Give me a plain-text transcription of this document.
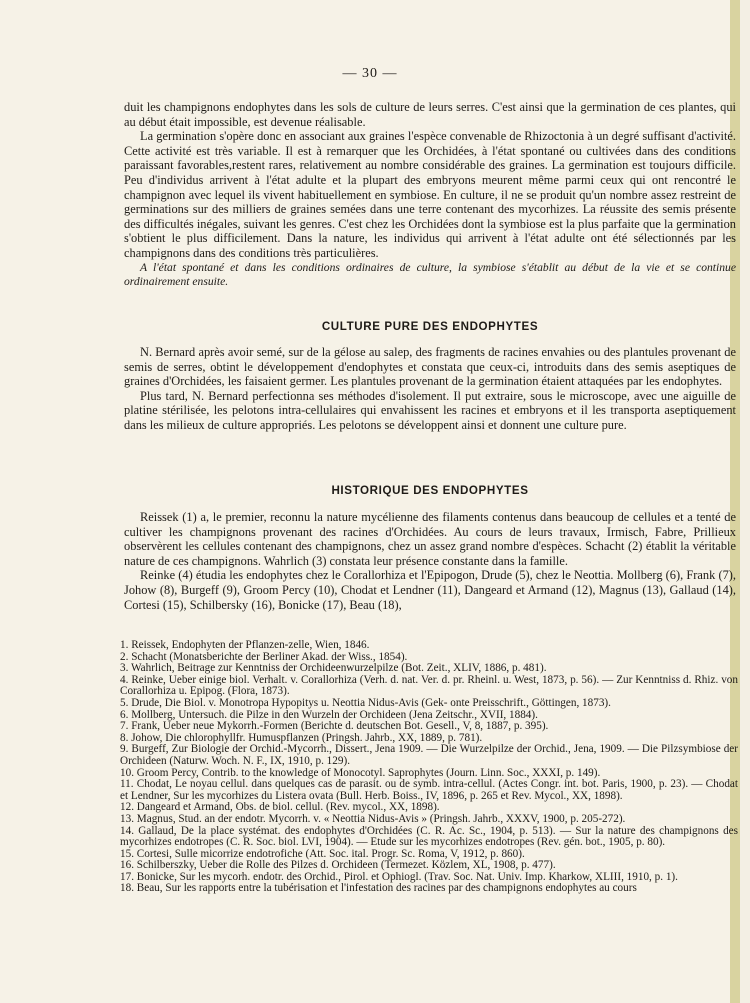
— 30 —

duit les champignons endophytes dans les sols de culture de leurs serres. C'est ainsi que la germination de ces plantes, qui au début était impossible, est devenue réalisable.

La germination s'opère donc en associant aux graines l'espèce convenable de Rhizoctonia à un degré suffisant d'activité. Cette activité est très variable. Il est à remarquer que les Orchidées, à l'état spontané ou cultivées dans des conditions paraissant favorables,restent rares, relativement au nombre considérable des graines. La germination est toujours difficile. Peu d'individus arrivent à l'état adulte et la plupart des embryons meurent même parmi ceux qui ont rencontré le champignon avec lequel ils vivent habituellement en symbiose. En culture, il ne se produit qu'un nombre assez restreint de germinations sur des milliers de graines semées dans une terre contenant des mycorhizes. La réussite des semis présente des difficultés inégales, suivant les genres. C'est chez les Orchidées dont la symbiose est la plus parfaite que la germination s'obtient le plus difficilement. Dans la nature, les individus qui arrivent à l'état adulte ont été sélectionnés par les champignons dans des conditions très particulières.

A l'état spontané et dans les conditions ordinaires de culture, la symbiose s'établit au début de la vie et se continue ordinairement ensuite.

CULTURE PURE DES ENDOPHYTES

N. Bernard après avoir semé, sur de la gélose au salep, des fragments de racines envahies ou des plantules provenant de semis de serres, obtint le développement d'endophytes et constata que ceux-ci, introduits dans des semis aseptiques de graines d'Orchidées, les faisaient germer. Les plantules provenant de la germination étaient attaquées par les endophytes.

Plus tard, N. Bernard perfectionna ses méthodes d'isolement. Il put extraire, sous le microscope, avec une aiguille de platine stérilisée, les pelotons intra-cellulaires qui envahissent les racines et embryons et il les transporta aseptiquement dans les milieux de culture appropriés. Les pelotons se développent ainsi et donnent une culture pure.

HISTORIQUE DES ENDOPHYTES

Reissek (1) a, le premier, reconnu la nature mycélienne des filaments contenus dans beaucoup de cellules et a tenté de cultiver les champignons provenant des racines d'Orchidées. Au cours de leurs travaux, Irmisch, Fabre, Prillieux observèrent les cellules contenant des champignons, chez un assez grand nombre d'espèces. Schacht (2) établit la véritable nature de ces champignons. Wahrlich (3) constata leur présence constante dans la famille.

Reinke (4) étudia les endophytes chez le Corallorhiza et l'Epipogon, Drude (5), chez le Neottia. Mollberg (6), Frank (7), Johow (8), Burgeff (9), Groom Percy (10), Chodat et Lendner (11), Dangeard et Armand (12), Magnus (13), Gallaud (14), Cortesi (15), Schilbersky (16), Bonicke (17), Beau (18),

1. Reissek, Endophyten der Pflanzen-zelle, Wien, 1846.
2. Schacht (Monatsberichte der Berliner Akad. der Wiss., 1854).
3. Wahrlich, Beitrage zur Kenntniss der Orchideenwurzelpilze (Bot. Zeit., XLIV, 1886, p. 481).
4. Reinke, Ueber einige biol. Verhalt. v. Corallorhiza (Verh. d. nat. Ver. d. pr. Rheinl. u. West, 1873, p. 56). — Zur Kenntniss d. Rhiz. von Corallorhiza u. Epipog. (Flora, 1873).
5. Drude, Die Biol. v. Monotropa Hypopitys u. Neottia Nidus-Avis (Gek- onte Preisschrift., Göttingen, 1873).
6. Mollberg, Untersuch. die Pilze in den Wurzeln der Orchideen (Jena Zeitschr., XVII, 1884).
7. Frank, Ueber neue Mykorrh.-Formen (Berichte d. deutschen Bot. Gesell., V, 8, 1887, p. 395).
8. Johow, Die chlorophyllfr. Humuspflanzen (Pringsh. Jahrb., XX, 1889, p. 781).
9. Burgeff, Zur Biologie der Orchid.-Mycorrh., Dissert., Jena 1909. — Die Wurzelpilze der Orchid., Jena, 1909. — Die Pilzsymbiose der Orchideen (Naturw. Woch. N. F., IX, 1910, p. 129).
10. Groom Percy, Contrib. to the knowledge of Monocotyl. Saprophytes (Journ. Linn. Soc., XXXI, p. 149).
11. Chodat, Le noyau cellul. dans quelques cas de parasit. ou de symb. intra-cellul. (Actes Congr. int. bot. Paris, 1900, p. 23). — Chodat et Lendner, Sur les mycorhizes du Listera ovata (Bull. Herb. Boiss., IV, 1896, p. 265 et Rev. Mycol., XX, 1898).
12. Dangeard et Armand, Obs. de biol. cellul. (Rev. mycol., XX, 1898).
13. Magnus, Stud. an der endotr. Mycorrh. v. « Neottia Nidus-Avis » (Pringsh. Jahrb., XXXV, 1900, p. 205-272).
14. Gallaud, De la place systémat. des endophytes d'Orchidées (C. R. Ac. Sc., 1904, p. 513). — Sur la nature des champignons des mycorhizes endotropes (C. R. Soc. biol. LVI, 1904). — Etude sur les mycorhizes endotropes (Rev. gén. bot., 1905, p. 80).
15. Cortesi, Sulle micorrize endotrofiche (Att. Soc. ital. Progr. Sc. Roma, V, 1912, p. 860).
16. Schilberszky, Ueber die Rolle des Pilzes d. Orchideen (Termezet. Közlem, XL, 1908, p. 477).
17. Bonicke, Sur les mycorh. endotr. des Orchid., Pirol. et Ophiogl. (Trav. Soc. Nat. Univ. Imp. Kharkow, XLIII, 1910, p. 1).
18. Beau, Sur les rapports entre la tubérisation et l'infestation des racines par des champignons endophytes au cours
